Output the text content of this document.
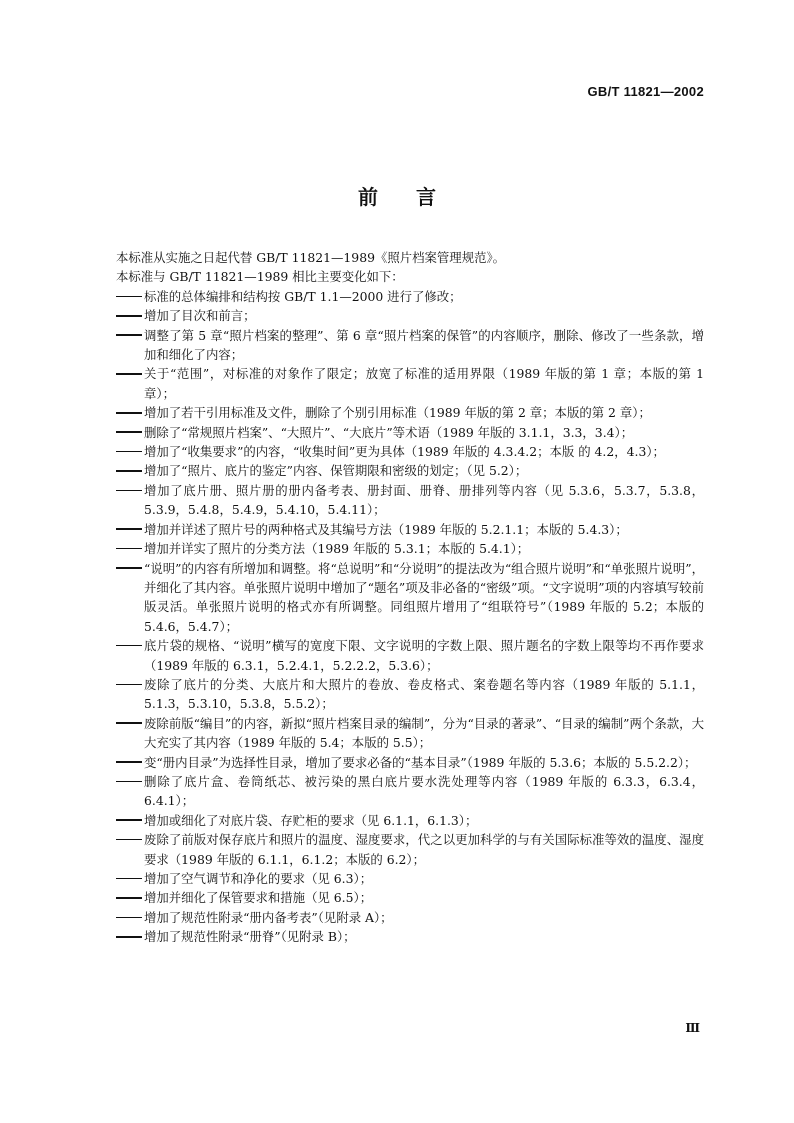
GB/T 11821—2002
前言

本标准从实施之日起代替 GB/T 11821—1989《照片档案管理规范》。

本标准与 GB/T 11821—1989 相比主要变化如下：

标准的总体编排和结构按 GB/T 1.1—2000 进行了修改；
增加了目次和前言；
调整了第 5 章“照片档案的整理”、第 6 章“照片档案的保管”的内容顺序，删除、修改了一些条款，增加和细化了内容；
关于“范围”，对标准的对象作了限定；放宽了标准的适用界限（1989 年版的第 1 章；本版的第 1 章）；
增加了若干引用标准及文件，删除了个别引用标准（1989 年版的第 2 章；本版的第 2 章）；
删除了“常规照片档案”、“大照片”、“大底片”等术语（1989 年版的 3.1.1，3.3，3.4）；
增加了“收集要求”的内容，“收集时间”更为具体（1989 年版的 4.3.4.2；本版 的 4.2，4.3）；
增加了“照片、底片的鉴定”内容、保管期限和密级的划定；（见 5.2）；
增加了底片册、照片册的册内备考表、册封面、册脊、册排列等内容（见 5.3.6，5.3.7，5.3.8，5.3.9，5.4.8，5.4.9，5.4.10，5.4.11）；
增加并详述了照片号的两种格式及其编号方法（1989 年版的 5.2.1.1；本版的 5.4.3）；
增加并详实了照片的分类方法（1989 年版的 5.3.1；本版的 5.4.1）；
“说明”的内容有所增加和调整。将“总说明”和“分说明”的提法改为“组合照片说明”和“单张照片说明”，并细化了其内容。单张照片说明中增加了“题名”项及非必备的“密级”项。“文字说明”项的内容填写较前版灵活。单张照片说明的格式亦有所调整。同组照片增用了“组联符号”（1989 年版的 5.2；本版的 5.4.6，5.4.7）；
底片袋的规格、“说明”横写的宽度下限、文字说明的字数上限、照片题名的字数上限等均不再作要求（1989 年版的 6.3.1，5.2.4.1，5.2.2.2，5.3.6）；
废除了底片的分类、大底片和大照片的卷放、卷皮格式、案卷题名等内容（1989 年版的 5.1.1，5.1.3，5.3.10，5.3.8，5.5.2）；
废除前版“编目”的内容，新拟“照片档案目录的编制”，分为“目录的著录”、“目录的编制”两个条款，大大充实了其内容（1989 年版的 5.4；本版的 5.5）；
变“册内目录”为选择性目录，增加了要求必备的“基本目录”（1989 年版的 5.3.6；本版的 5.5.2.2）；
删除了底片盒、卷筒纸芯、被污染的黑白底片要水洗处理等内容（1989 年版的 6.3.3，6.3.4，6.4.1）；
增加或细化了对底片袋、存贮柜的要求（见 6.1.1，6.1.3）；
废除了前版对保存底片和照片的温度、湿度要求，代之以更加科学的与有关国际标准等效的温度、湿度要求（1989 年版的 6.1.1，6.1.2；本版的 6.2）；
增加了空气调节和净化的要求（见 6.3）；
增加并细化了保管要求和措施（见 6.5）；
增加了规范性附录“册内备考表”（见附录 A）；
增加了规范性附录“册脊”（见附录 B）；
Ⅲ
